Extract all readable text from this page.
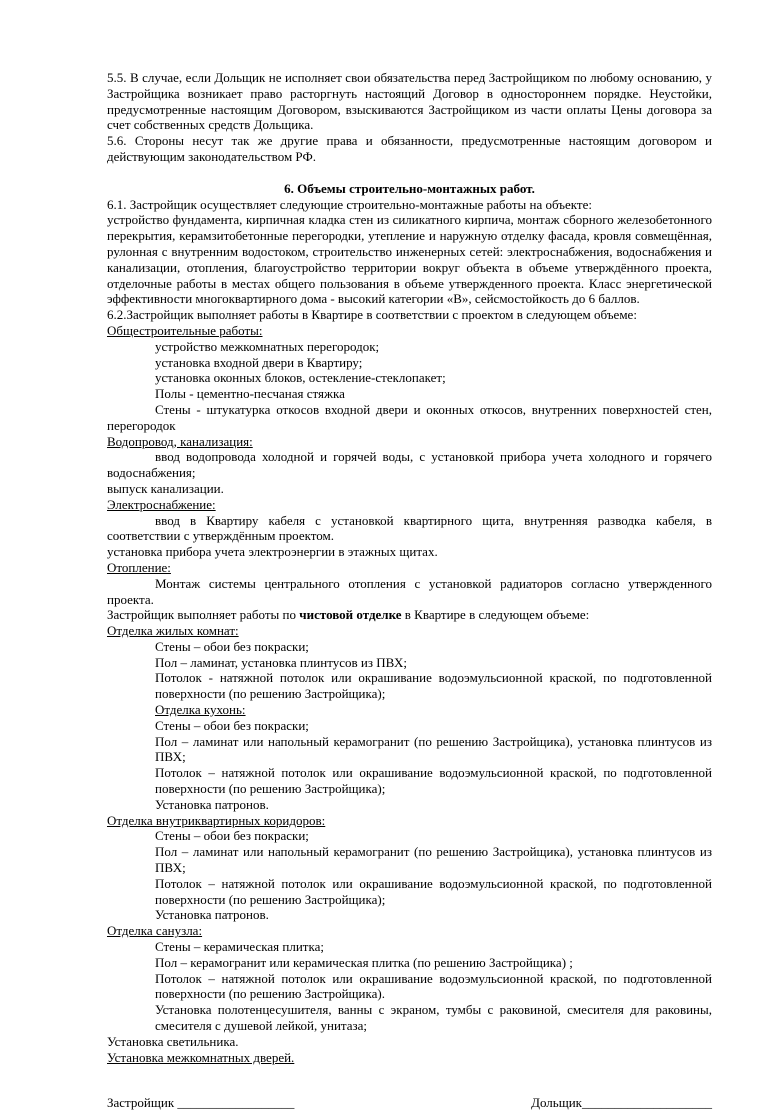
5.5. В случае, если Дольщик не исполняет свои обязательства перед Застройщиком по любому основанию, у Застройщика возникает право расторгнуть настоящий Договор в одностороннем порядке. Неустойки, предусмотренные настоящим Договором, взыскиваются Застройщиком из части оплаты Цены договора за счет собственных средств Дольщика.

5.6. Стороны несут так же другие права и обязанности, предусмотренные настоящим договором и действующим законодательством РФ.

6. Объемы строительно-монтажных работ.

6.1. Застройщик осуществляет следующие строительно-монтажные работы на объекте:

устройство фундамента, кирпичная кладка стен из силикатного кирпича, монтаж сборного железобетонного перекрытия, керамзитобетонные перегородки, утепление и наружную отделку фасада, кровля совмещённая, рулонная с внутренним водостоком, строительство инженерных сетей: электроснабжения, водоснабжения и канализации, отопления, благоустройство территории вокруг объекта в объеме утверждённого проекта, отделочные работы в местах общего пользования в объеме утвержденного проекта. Класс энергетической эффективности многоквартирного дома - высокий категории «В», сейсмостойкость до 6 баллов.

6.2.Застройщик выполняет работы в Квартире в соответствии с проектом в следующем объеме:

Общестроительные работы:

устройство межкомнатных перегородок;

установка входной двери в Квартиру;

установка оконных блоков, остекление-стеклопакет;

Полы - цементно-песчаная стяжка

Стены - штукатурка откосов входной двери и оконных откосов, внутренних поверхностей стен, перегородок

Водопровод, канализация:

ввод водопровода холодной и горячей воды, с установкой прибора учета холодного и горячего водоснабжения;

выпуск канализации.

Электроснабжение:

ввод в Квартиру кабеля с установкой квартирного щита, внутренняя разводка кабеля, в соответствии с утверждённым проектом.

установка прибора учета электроэнергии в этажных щитах.

Отопление:

Монтаж системы центрального отопления с установкой радиаторов согласно утвержденного проекта.

Застройщик выполняет работы по чистовой отделке в Квартире в следующем объеме:

Отделка жилых комнат:

Стены – обои без покраски;

Пол – ламинат, установка плинтусов из ПВХ;

Потолок - натяжной потолок или окрашивание водоэмульсионной краской, по подготовленной поверхности (по решению Застройщика);

Отделка кухонь:

Стены – обои без покраски;

Пол – ламинат или напольный керамогранит (по решению Застройщика), установка плинтусов из ПВХ;

Потолок – натяжной потолок или окрашивание водоэмульсионной краской, по подготовленной поверхности (по решению Застройщика);

Установка патронов.

Отделка внутриквартирных коридоров:

Стены – обои без покраски;

Пол – ламинат или напольный керамогранит (по решению Застройщика), установка плинтусов из ПВХ;

Потолок – натяжной потолок или окрашивание водоэмульсионной краской, по подготовленной поверхности (по решению Застройщика);

Установка патронов.

Отделка санузла:

Стены – керамическая плитка;

Пол – керамогранит или керамическая плитка (по решению Застройщика) ;

Потолок – натяжной потолок или окрашивание водоэмульсионной краской, по подготовленной поверхности (по решению Застройщика).

Установка полотенцесушителя, ванны с экраном, тумбы с раковиной, смесителя для раковины, смесителя с душевой лейкой, унитаза;

Установка светильника.

Установка межкомнатных дверей.

Застройщик __________________	Дольщик____________________
